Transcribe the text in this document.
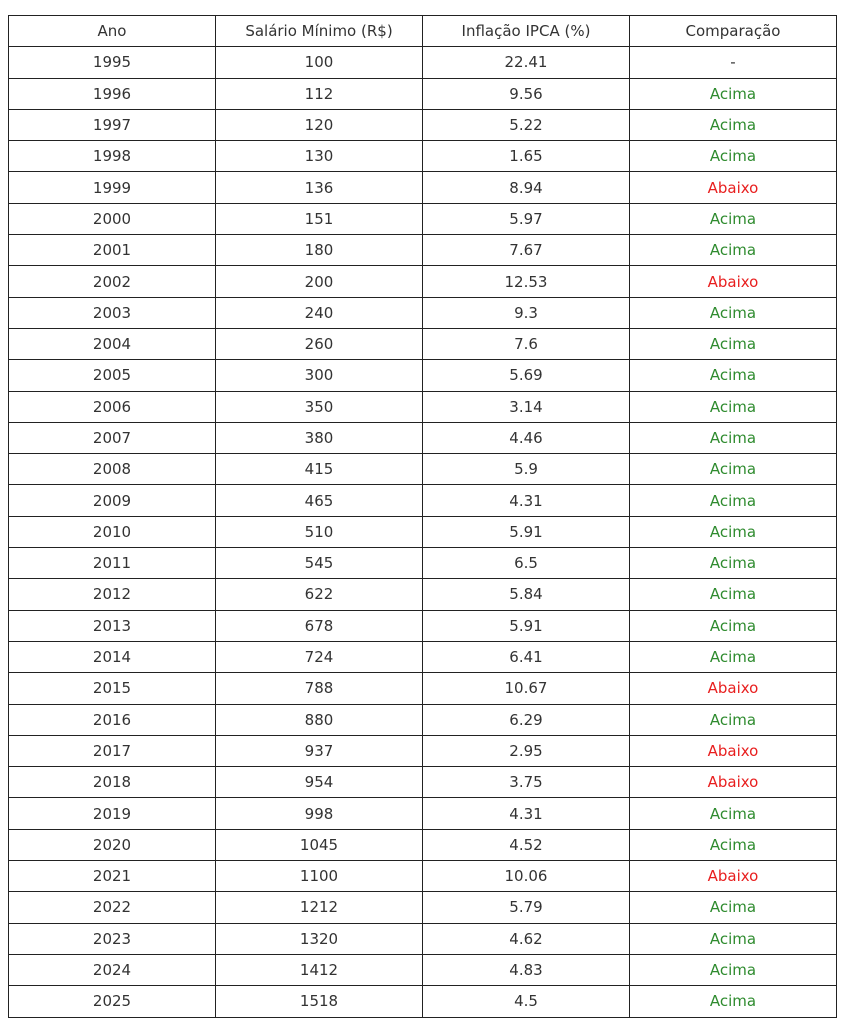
Ano	Salário Mínimo (R$)	Inflação IPCA (%)	Comparação
1995	100	22.41	-
1996	112	9.56	Acima
1997	120	5.22	Acima
1998	130	1.65	Acima
1999	136	8.94	Abaixo
2000	151	5.97	Acima
2001	180	7.67	Acima
2002	200	12.53	Abaixo
2003	240	9.3	Acima
2004	260	7.6	Acima
2005	300	5.69	Acima
2006	350	3.14	Acima
2007	380	4.46	Acima
2008	415	5.9	Acima
2009	465	4.31	Acima
2010	510	5.91	Acima
2011	545	6.5	Acima
2012	622	5.84	Acima
2013	678	5.91	Acima
2014	724	6.41	Acima
2015	788	10.67	Abaixo
2016	880	6.29	Acima
2017	937	2.95	Abaixo
2018	954	3.75	Abaixo
2019	998	4.31	Acima
2020	1045	4.52	Acima
2021	1100	10.06	Abaixo
2022	1212	5.79	Acima
2023	1320	4.62	Acima
2024	1412	4.83	Acima
2025	1518	4.5	Acima
